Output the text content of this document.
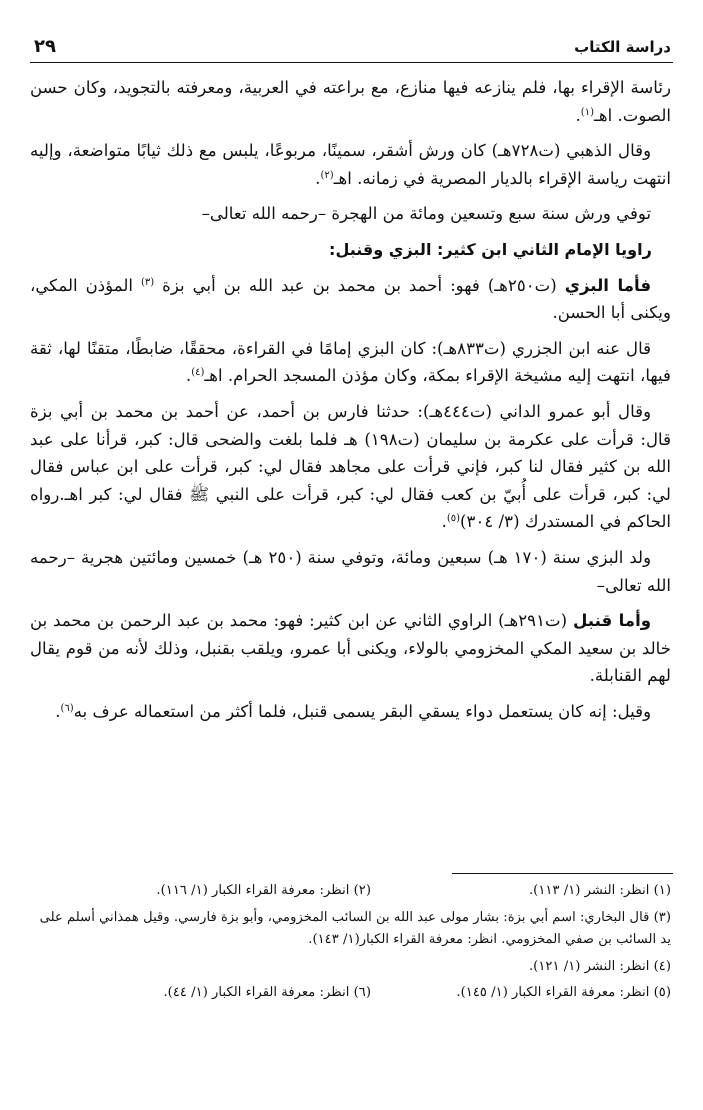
دراسة الكتاب
٢٩

رئاسة الإقراء بها، فلم ينازعه فيها منازع، مع براعته في العربية، ومعرفته بالتجويد، وكان حسن الصوت. اهـ$^{(١)}$.

وقال الذهبي (ت٧٢٨هـ) كان ورش أشقر، سمينًا، مربوعًا، يلبس مع ذلك ثيابًا متواضعة، وإليه انتهت رياسة الإقراء بالديار المصرية في زمانه. اهـ$^{(٢)}$.

توفي ورش سنة سبع وتسعين ومائة من الهجرة –رحمه الله تعالى–

راويا الإمام الثاني ابن كثير: البزي وقنبل:

فأما البزي (ت٢٥٠هـ) فهو: أحمد بن محمد بن عبد الله بن أبي بزة $^{(٣)}$ المؤذن المكي، ويكنى أبا الحسن.

قال عنه ابن الجزري (ت٨٣٣هـ): كان البزي إمامًا في القراءة، محققًا، ضابطًا، متقنًا لها، ثقة فيها، انتهت إليه مشيخة الإقراء بمكة، وكان مؤذن المسجد الحرام. اهـ$^{(٤)}$.

وقال أبو عمرو الداني (ت٤٤٤هـ): حدثنا فارس بن أحمد، عن أحمد بن محمد بن أبي بزة قال: قرأت على عكرمة بن سليمان (ت١٩٨) هـ فلما بلغت والضحى قال: كبر، قرأنا على عبد الله بن كثير فقال لنا كبر، فإني قرأت على مجاهد فقال لي: كبر، قرأت على ابن عباس فقال لي: كبر، قرأت على أُبيّ بن كعب فقال لي: كبر، قرأت على النبي ﷺ فقال لي: كبر اهـ.رواه الحاكم في المستدرك (٣/ ٣٠٤)$^{(٥)}$.

ولد البزي سنة (١٧٠ هـ) سبعين ومائة، وتوفي سنة (٢٥٠ هـ) خمسين ومائتين هجرية –رحمه الله تعالى–

وأما قنبل (ت٢٩١هـ) الراوي الثاني عن ابن كثير: فهو: محمد بن عبد الرحمن بن محمد بن خالد بن سعيد المكي المخزومي بالولاء، ويكنى أبا عمرو، ويلقب بقنبل، وذلك لأنه من قوم يقال لهم القنابلة.

وقيل: إنه كان يستعمل دواء يسقي البقر يسمى قنبل، فلما أكثر من استعماله عرف به$^{(٦)}$.

(١) انظر: النشر (١/ ١١٣).
(٢) انظر: معرفة القراء الكبار (١/ ١١٦).
(٣) قال البخاري: اسم أبي بزة: بشار مولى عبد الله بن السائب المخزومي، وأبو بزة فارسي. وقيل همذاني أسلم على يد السائب بن صفي المخزومي. انظر: معرفة القراء الكبار(١/ ١٤٣).
(٤) انظر: النشر (١/ ١٢١).
(٥) انظر: معرفة القراء الكبار (١/ ١٤٥).
(٦) انظر: معرفة القراء الكبار (١/ ٤٤).
